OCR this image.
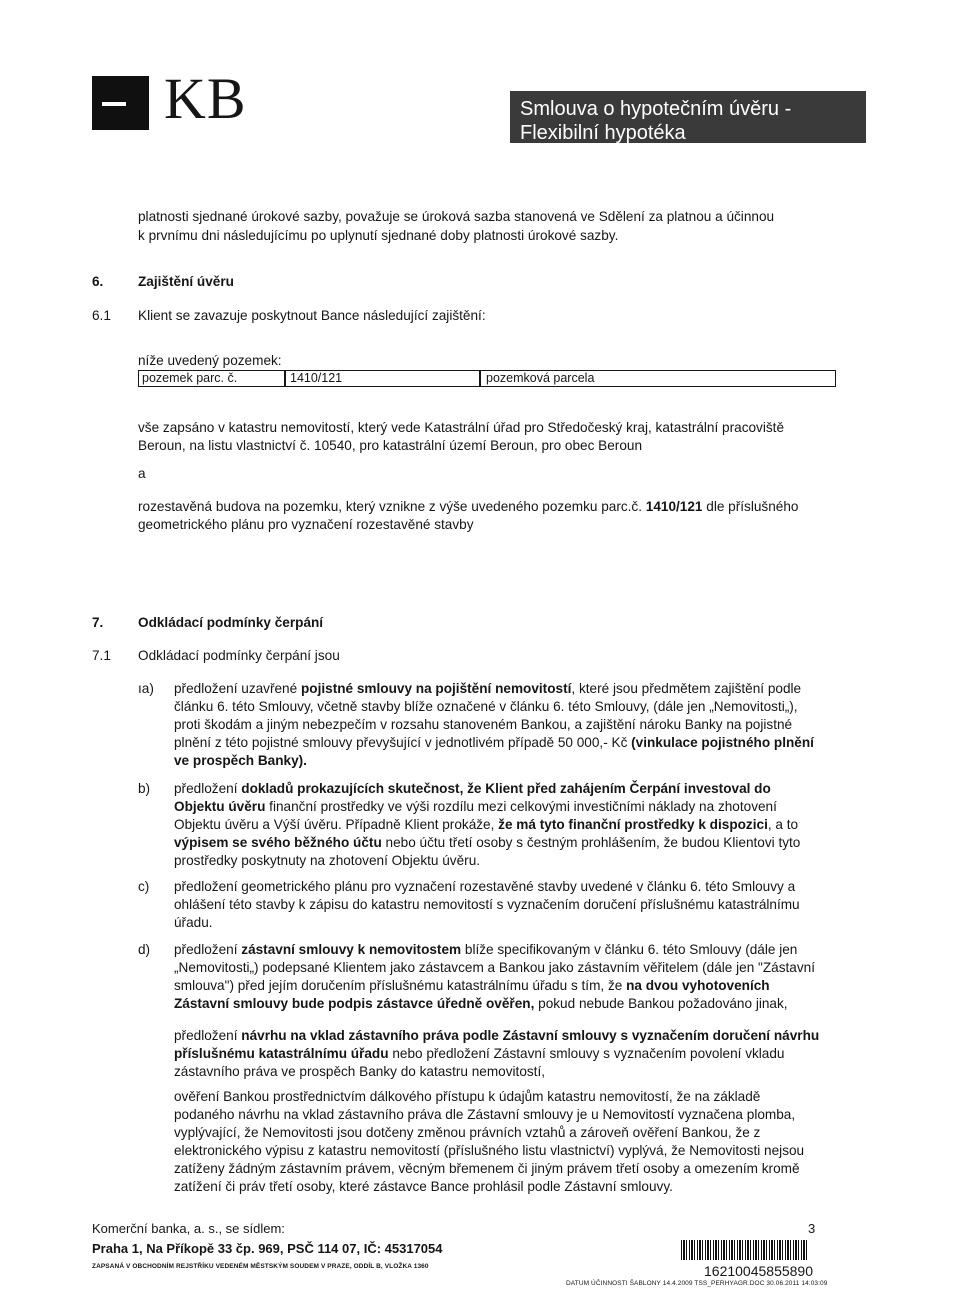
KB	Smlouva o hypotečním úvěru -
Flexibilní hypotéka
platnosti sjednané úrokové sazby, považuje se úroková sazba stanovená ve Sdělení za platnou a účinnou
k prvnímu dni následujícímu po uplynutí sjednané doby platnosti úrokové sazby.
6.	Zajištění úvěru
6.1 Klient se zavazuje poskytnout Bance následující zajištění:
níže uvedený pozemek:
pozemek parc. č.	1410/121	pozemková parcela
vše zapsáno v katastru nemovitostí, který vede Katastrální úřad pro Středočeský kraj, katastrální pracoviště
Beroun, na listu vlastnictví č. 10540, pro katastrální území Beroun, pro obec Beroun
a
rozestavěná budova na pozemku, který vznikne z výše uvedeného pozemku parc.č. 1410/121 dle příslušného
geometrického plánu pro vyznačení rozestavěné stavby
7.	Odkládací podmínky čerpání
7.1 Odkládací podmínky čerpání jsou
ıa) předložení uzavřené pojistné smlouvy na pojištění nemovitostí, které jsou předmětem zajištění podle
článku 6. této Smlouvy, včetně stavby blíže označené v článku 6. této Smlouvy, (dále jen „Nemovitosti„),
proti škodám a jiným nebezpečím v rozsahu stanoveném Bankou, a zajištění nároku Banky na pojistné
plnění z této pojistné smlouvy převyšující v jednotlivém případě 50 000,- Kč (vinkulace pojistného plnění
ve prospěch Banky).
b) předložení dokladů prokazujících skutečnost, že Klient před zahájením Čerpání investoval do
Objektu úvěru finanční prostředky ve výši rozdílu mezi celkovými investičními náklady na zhotovení
Objektu úvěru a Výší úvěru. Případně Klient prokáže, že má tyto finanční prostředky k dispozici, a to
výpisem se svého běžného účtu nebo účtu třetí osoby s čestným prohlášením, že budou Klientovi tyto
prostředky poskytnuty na zhotovení Objektu úvěru.
c) předložení geometrického plánu pro vyznačení rozestavěné stavby uvedené v článku 6. této Smlouvy a
ohlášení této stavby k zápisu do katastru nemovitostí s vyznačením doručení příslušnému katastrálnímu
úřadu.
d) předložení zástavní smlouvy k nemovitostem blíže specifikovaným v článku 6. této Smlouvy (dále jen
„Nemovitosti„) podepsané Klientem jako zástavcem a Bankou jako zástavním věřitelem (dále jen "Zástavní
smlouva") před jejím doručením příslušnému katastrálnímu úřadu s tím, že na dvou vyhotoveních
Zástavní smlouvy bude podpis zástavce úředně ověřen, pokud nebude Bankou požadováno jinak,
předložení návrhu na vklad zástavního práva podle Zástavní smlouvy s vyznačením doručení návrhu
příslušnému katastrálnímu úřadu nebo předložení Zástavní smlouvy s vyznačením povolení vkladu
zástavního práva ve prospěch Banky do katastru nemovitostí,
ověření Bankou prostřednictvím dálkového přístupu k údajům katastru nemovitostí, že na základě
podaného návrhu na vklad zástavního práva dle Zástavní smlouvy je u Nemovitostí vyznačena plomba,
vyplývající, že Nemovitosti jsou dotčeny změnou právních vztahů a zároveň ověření Bankou, že z
elektronického výpisu z katastru nemovitostí (příslušného listu vlastnictví) vyplývá, že Nemovitosti nejsou
zatíženy žádným zástavním právem, věcným břemenem či jiným právem třetí osoby a omezením kromě
zatížení či práv třetí osoby, které zástavce Bance prohlásil podle Zástavní smlouvy.
Komerční banka, a. s., se sídlem:
Praha 1, Na Příkopě 33 čp. 969, PSČ 114 07, IČ: 45317054
ZAPSANÁ V OBCHODNÍM REJSTŘÍKU VEDENÉM MĚSTSKÝM SOUDEM V PRAZE, ODDÍL B, VLOŽKA 1360
3
16210045855890
DATUM ÚČINNOSTI ŠABLONY 14.4.2009 TSS_PERHYAGR.DOC 30.06.2011 14:03:09
